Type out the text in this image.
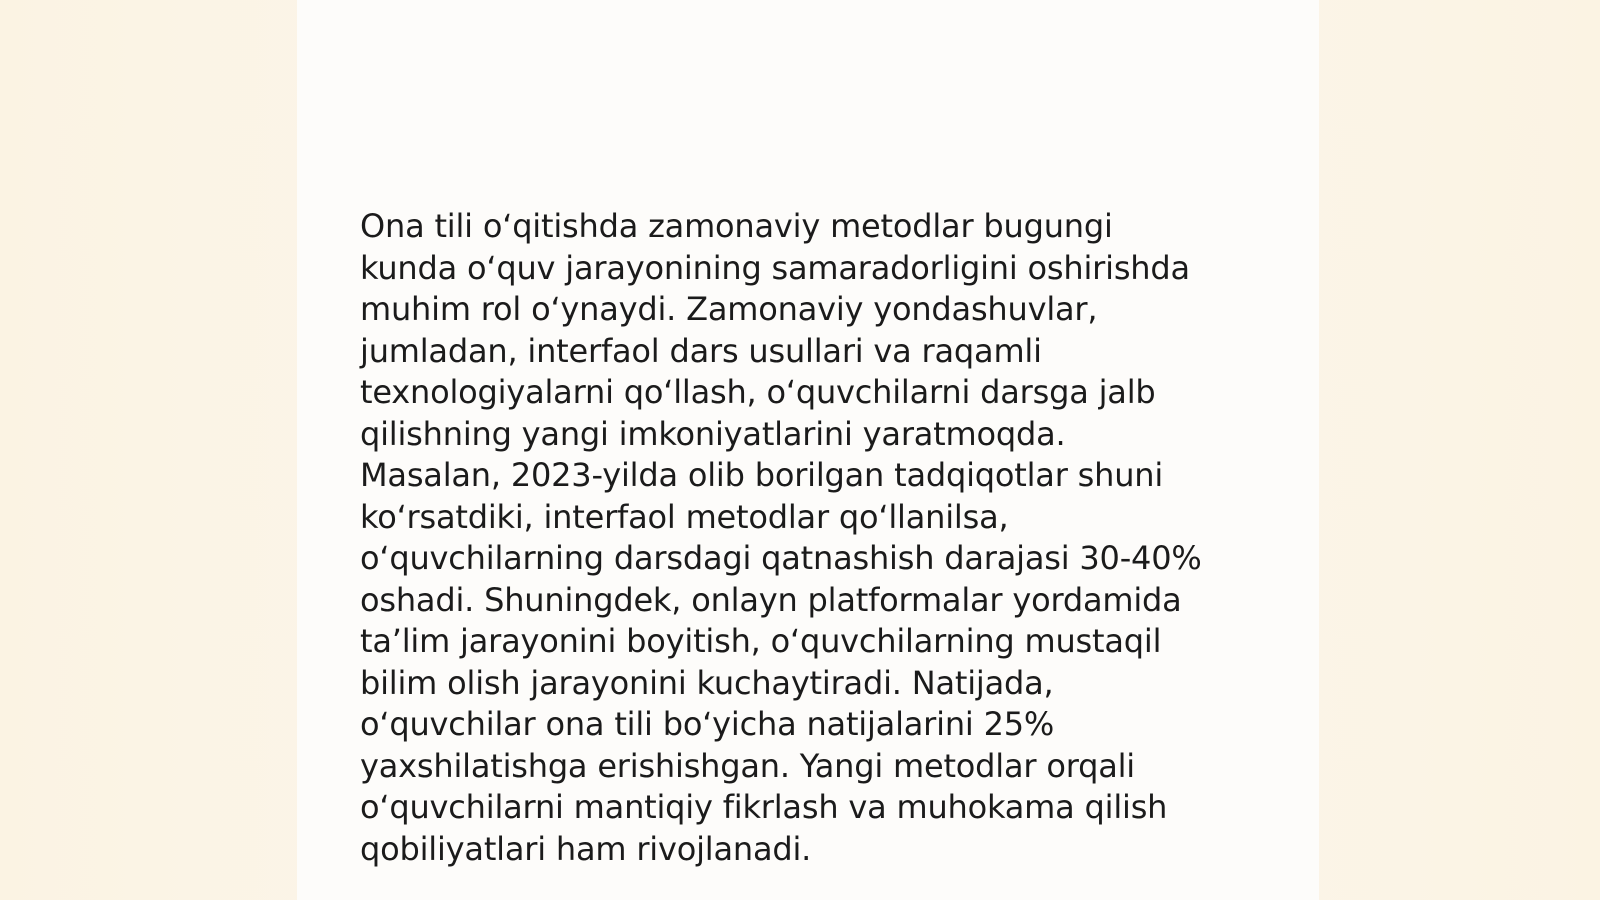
Ona tili oʻqitishda zamonaviy metodlar bugungi
kunda oʻquv jarayonining samaradorligini oshirishda
muhim rol oʻynaydi. Zamonaviy yondashuvlar,
jumladan, interfaol dars usullari va raqamli
texnologiyalarni qoʻllash, oʻquvchilarni darsga jalb
qilishning yangi imkoniyatlarini yaratmoqda.
Masalan, 2023-yilda olib borilgan tadqiqotlar shuni
koʻrsatdiki, interfaol metodlar qoʻllanilsa,
oʻquvchilarning darsdagi qatnashish darajasi 30-40%
oshadi. Shuningdek, onlayn platformalar yordamida
taʼlim jarayonini boyitish, oʻquvchilarning mustaqil
bilim olish jarayonini kuchaytiradi. Natijada,
oʻquvchilar ona tili boʻyicha natijalarini 25%
yaxshilatishga erishishgan. Yangi metodlar orqali
oʻquvchilarni mantiqiy fikrlash va muhokama qilish
qobiliyatlari ham rivojlanadi.
